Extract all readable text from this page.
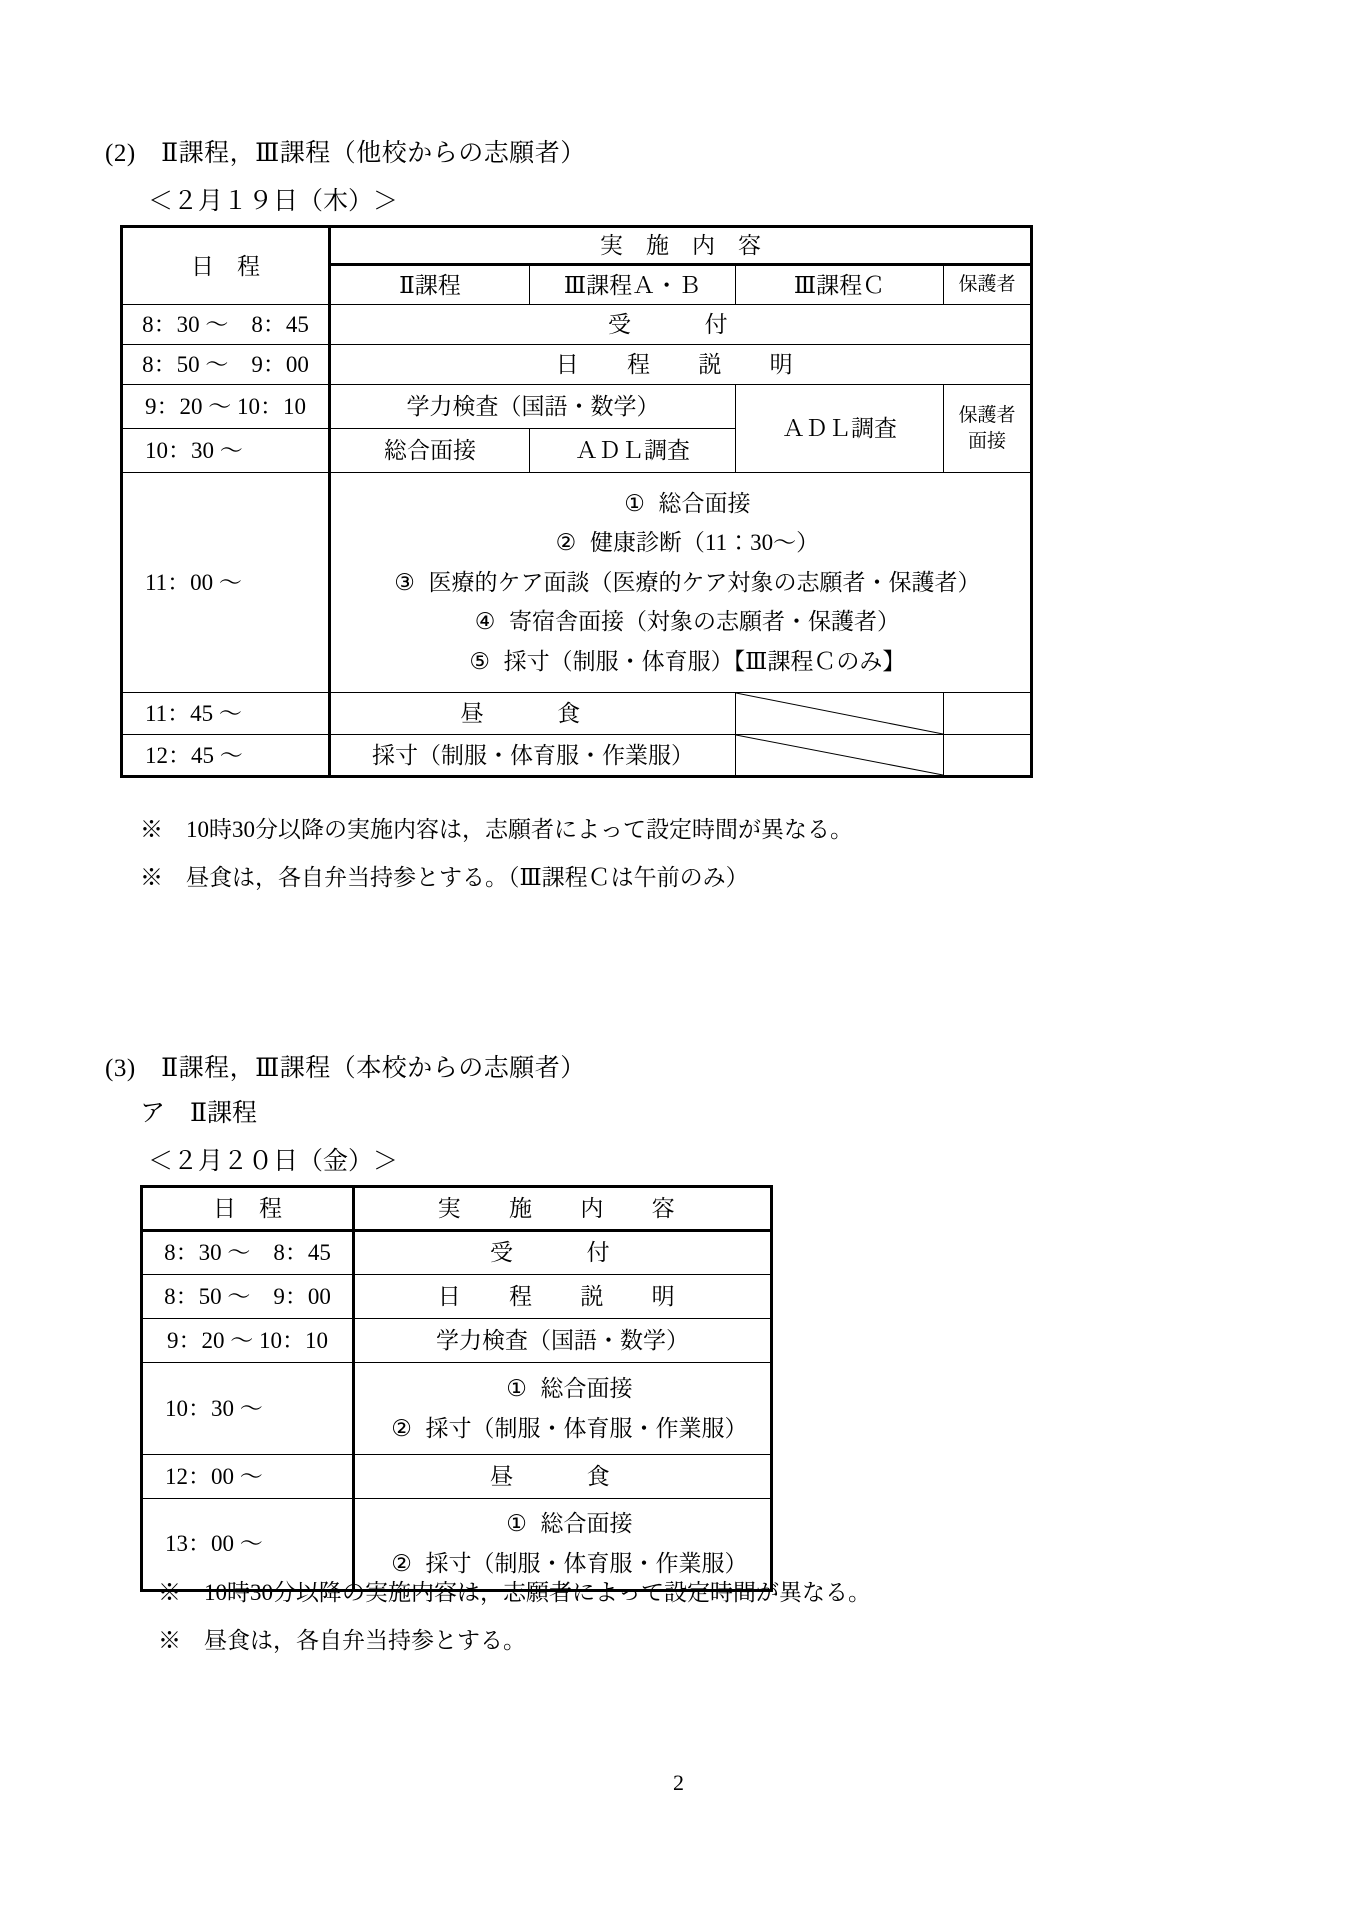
(2)　Ⅱ課程，Ⅲ課程（他校からの志願者）
＜２月１９日（木）＞
日　程	実　施　内　容			
	Ⅱ課程	Ⅲ課程Ａ・Ｂ	Ⅲ課程Ｃ	保護者
8：30 ～　8：45	受　付			
8：50 ～　9：00	日　程　説　明			
9：20 ～ 10：10	学力検査（国語・数学）		ＡＤＬ調査	保護者
面接

10：30 ～	総合面接	ＡＤＬ調査		
11：00 ～	① 総合面接
② 健康診断（11：30～）
③ 医療的ケア面談（医療的ケア対象の志願者・保護者）
④ 寄宿舎面接（対象の志願者・保護者）
⑤ 採寸（制服・体育服）【Ⅲ課程Ｃのみ】			

11：45 ～	昼　食	

12：45 ～	採寸（制服・体育服・作業服）	

※　10時30分以降の実施内容は，志願者によって設定時間が異なる。
※　昼食は，各自弁当持参とする。（Ⅲ課程Ｃは午前のみ）
(3)　Ⅱ課程，Ⅲ課程（本校からの志願者）
ア　Ⅱ課程
＜２月２０日（金）＞
日　程	実　施　内　容
8：30 ～　8：45	受　付
8：50 ～　9：00	日　程　説　明
9：20 ～ 10：10	学力検査（国語・数学）
10：30 ～	① 総合面接
② 採寸（制服・体育服・作業服）

12：00 ～	昼　食
13：00 ～	① 総合面接
② 採寸（制服・体育服・作業服）
※　10時30分以降の実施内容は，志願者によって設定時間が異なる。
※　昼食は，各自弁当持参とする。
2
